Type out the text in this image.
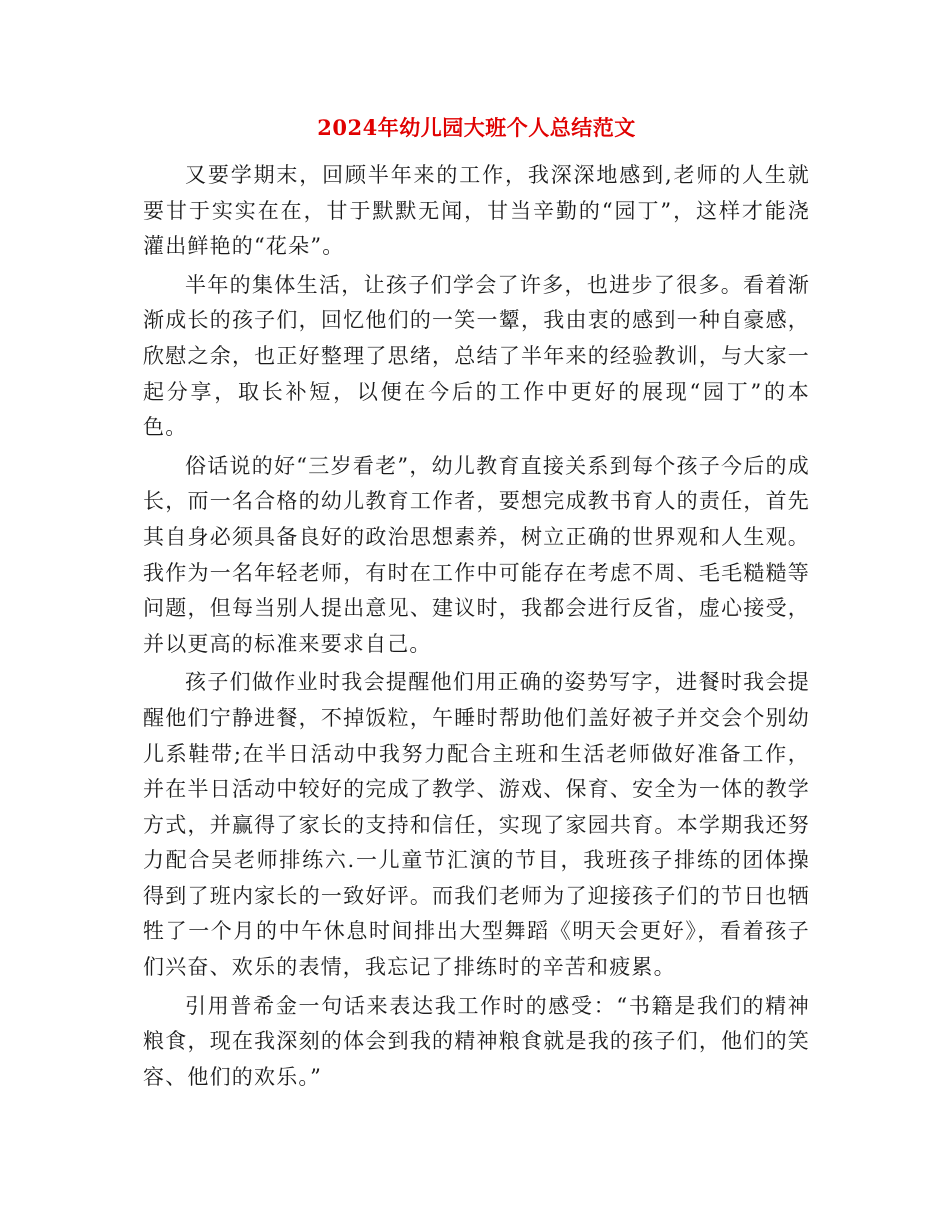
2024年幼儿园大班个人总结范文

又要学期末，回顾半年来的工作，我深深地感到,老师的人生就要甘于实实在在，甘于默默无闻，甘当辛勤的“园丁”，这样才能浇灌出鲜艳的“花朵”。

半年的集体生活，让孩子们学会了许多，也进步了很多。看着渐渐成长的孩子们，回忆他们的一笑一颦，我由衷的感到一种自豪感，欣慰之余，也正好整理了思绪，总结了半年来的经验教训，与大家一起分享，取长补短，以便在今后的工作中更好的展现“园丁”的本色。

俗话说的好“三岁看老”，幼儿教育直接关系到每个孩子今后的成长，而一名合格的幼儿教育工作者，要想完成教书育人的责任，首先其自身必须具备良好的政治思想素养，树立正确的世界观和人生观。我作为一名年轻老师，有时在工作中可能存在考虑不周、毛毛糙糙等问题，但每当别人提出意见、建议时，我都会进行反省，虚心接受，并以更高的标准来要求自己。

孩子们做作业时我会提醒他们用正确的姿势写字，进餐时我会提醒他们宁静进餐，不掉饭粒，午睡时帮助他们盖好被子并交会个别幼儿系鞋带;在半日活动中我努力配合主班和生活老师做好准备工作，并在半日活动中较好的完成了教学、游戏、保育、安全为一体的教学方式，并赢得了家长的支持和信任，实现了家园共育。本学期我还努力配合吴老师排练六.一儿童节汇演的节目，我班孩子排练的团体操得到了班内家长的一致好评。而我们老师为了迎接孩子们的节日也牺牲了一个月的中午休息时间排出大型舞蹈《明天会更好》，看着孩子们兴奋、欢乐的表情，我忘记了排练时的辛苦和疲累。

引用普希金一句话来表达我工作时的感受：“书籍是我们的精神粮食，现在我深刻的体会到我的精神粮食就是我的孩子们，他们的笑容、他们的欢乐。”
